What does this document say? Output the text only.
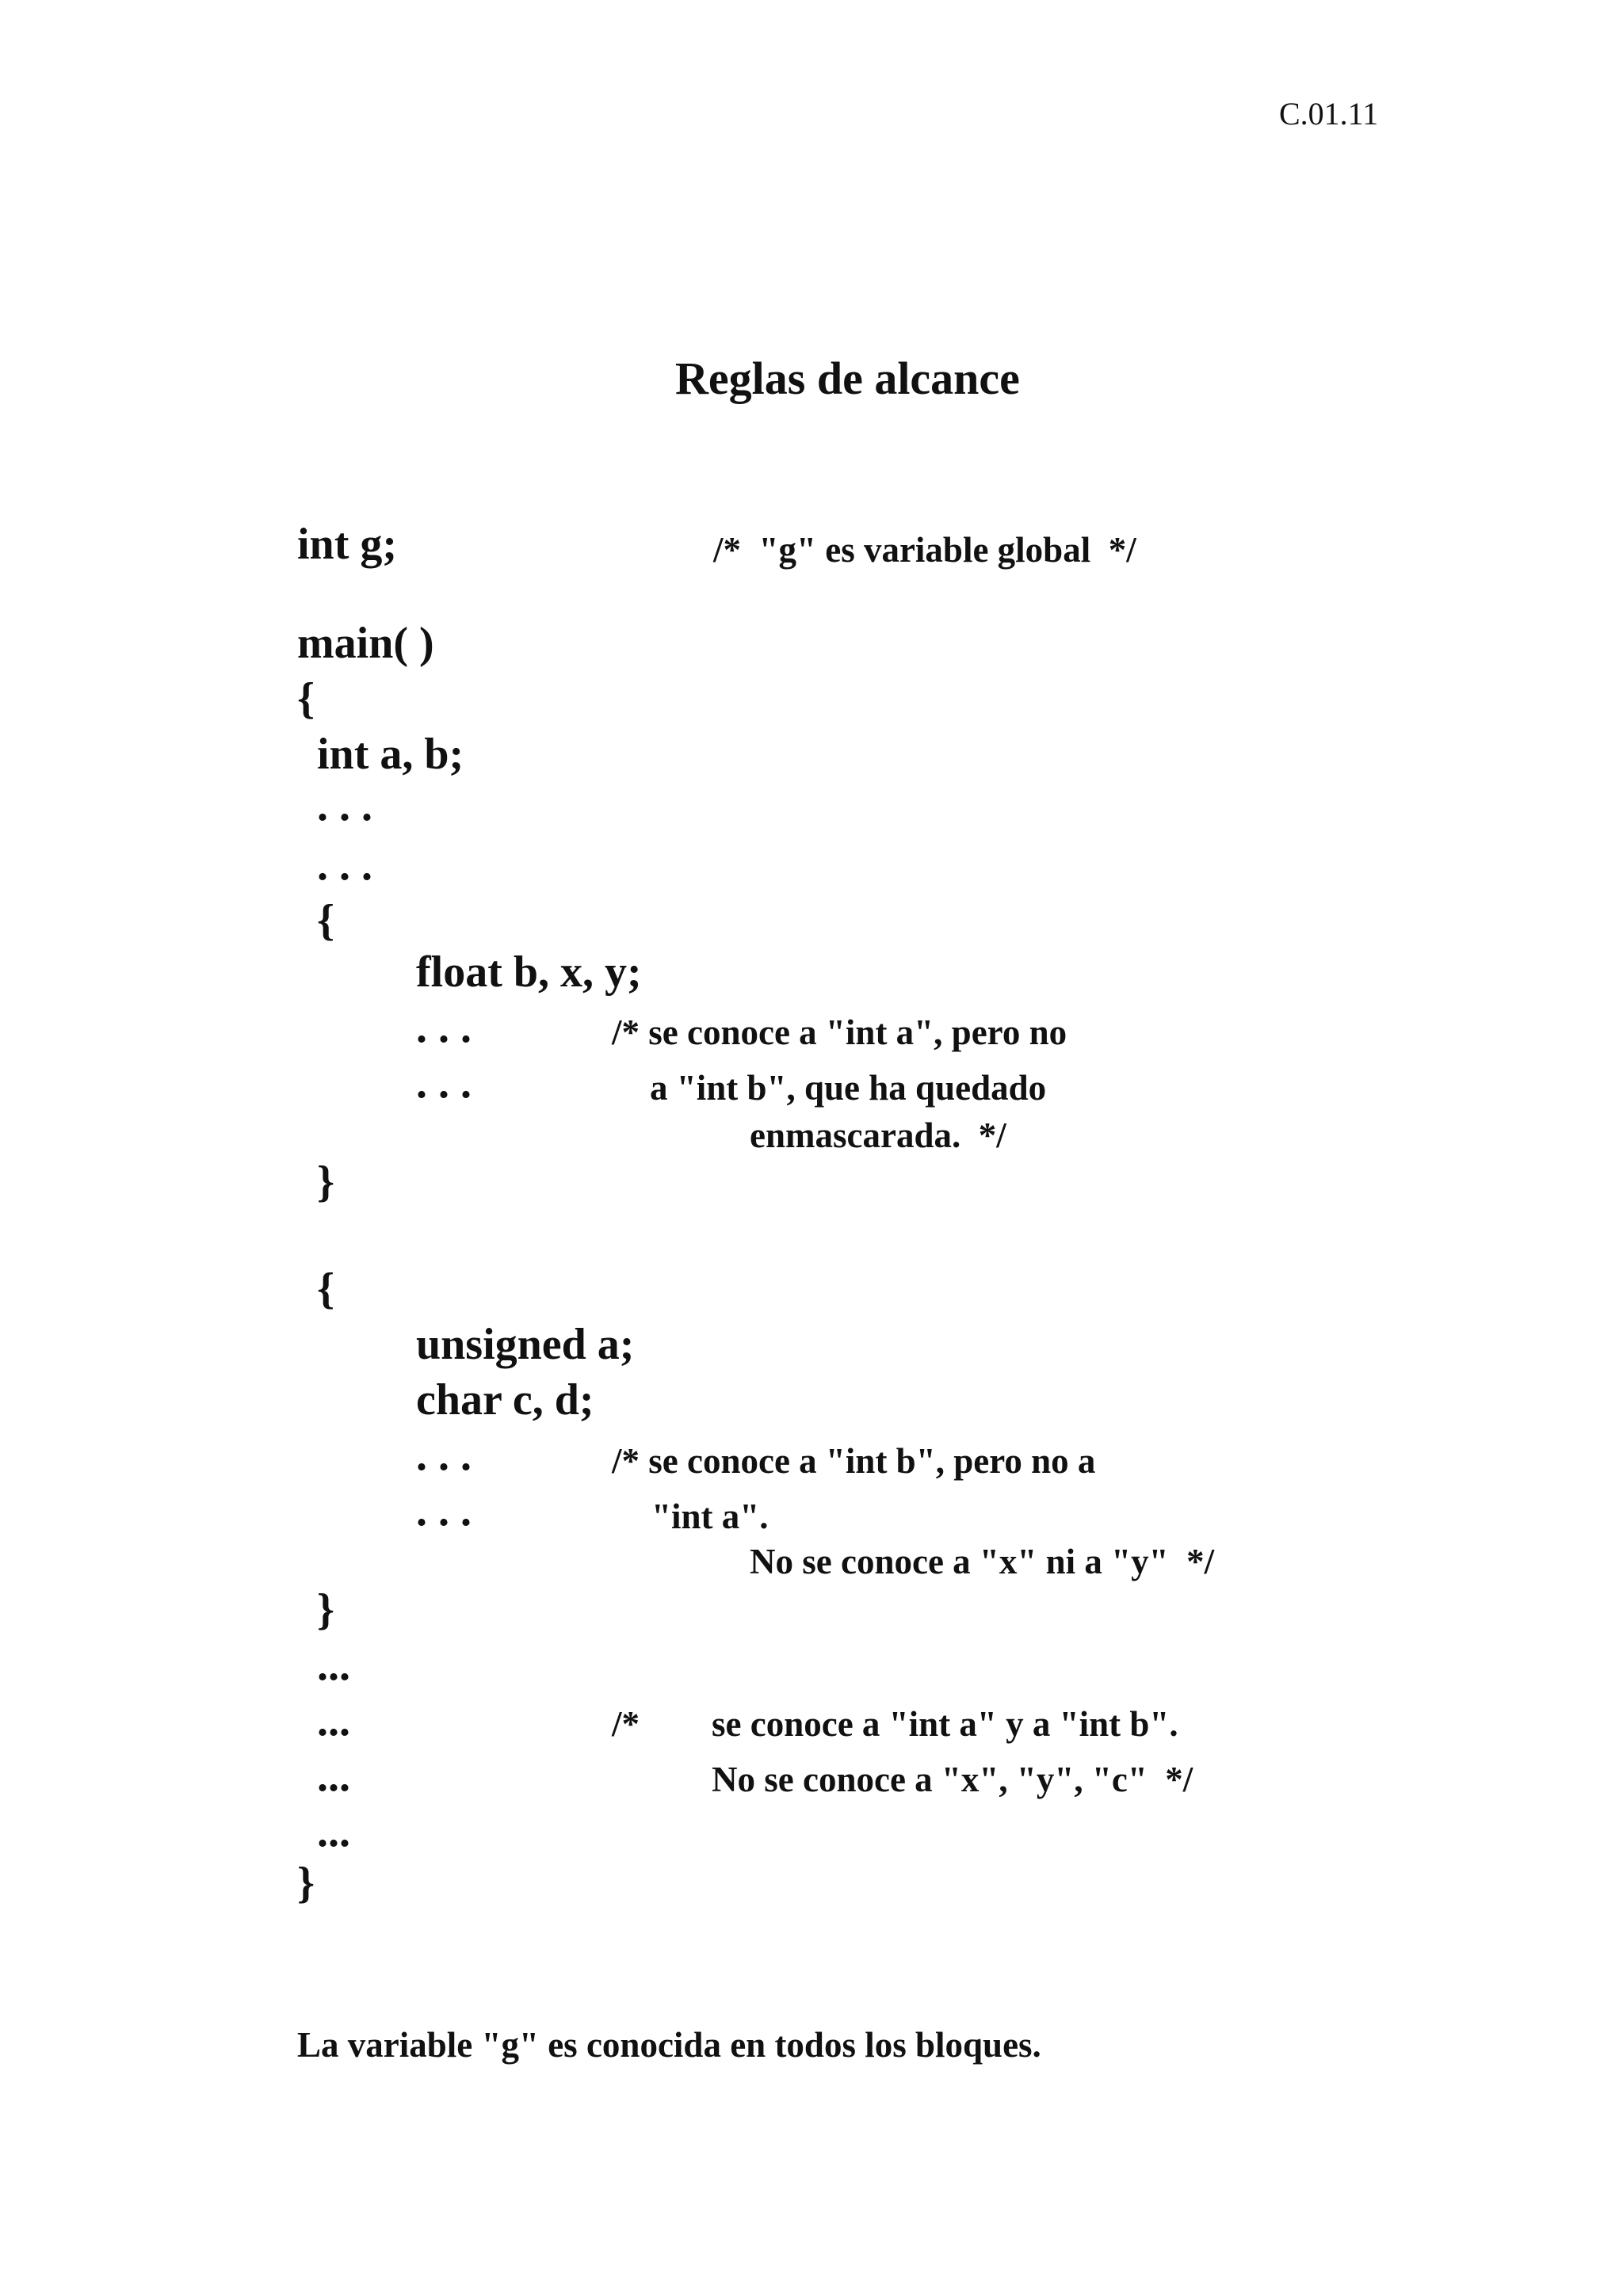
C.01.11
Reglas de alcance
int g;	/*  "g" es variable global  */
main( )
{
int a, b;
. . .
. . .
{
float b, x, y;
. . .	/* se conoce a "int a", pero no
. . .	a "int b", que ha quedado
enmascarada.  */
}
{
unsigned a;
char c, d;
. . .	/* se conoce a "int b", pero no a
. . .	"int a".
No se conoce a "x" ni a "y"  */
}
...
...	/* se conoce a "int a" y a "int b".
...	No se conoce a "x", "y", "c"  */
...
}
La variable "g" es conocida en todos los bloques.
